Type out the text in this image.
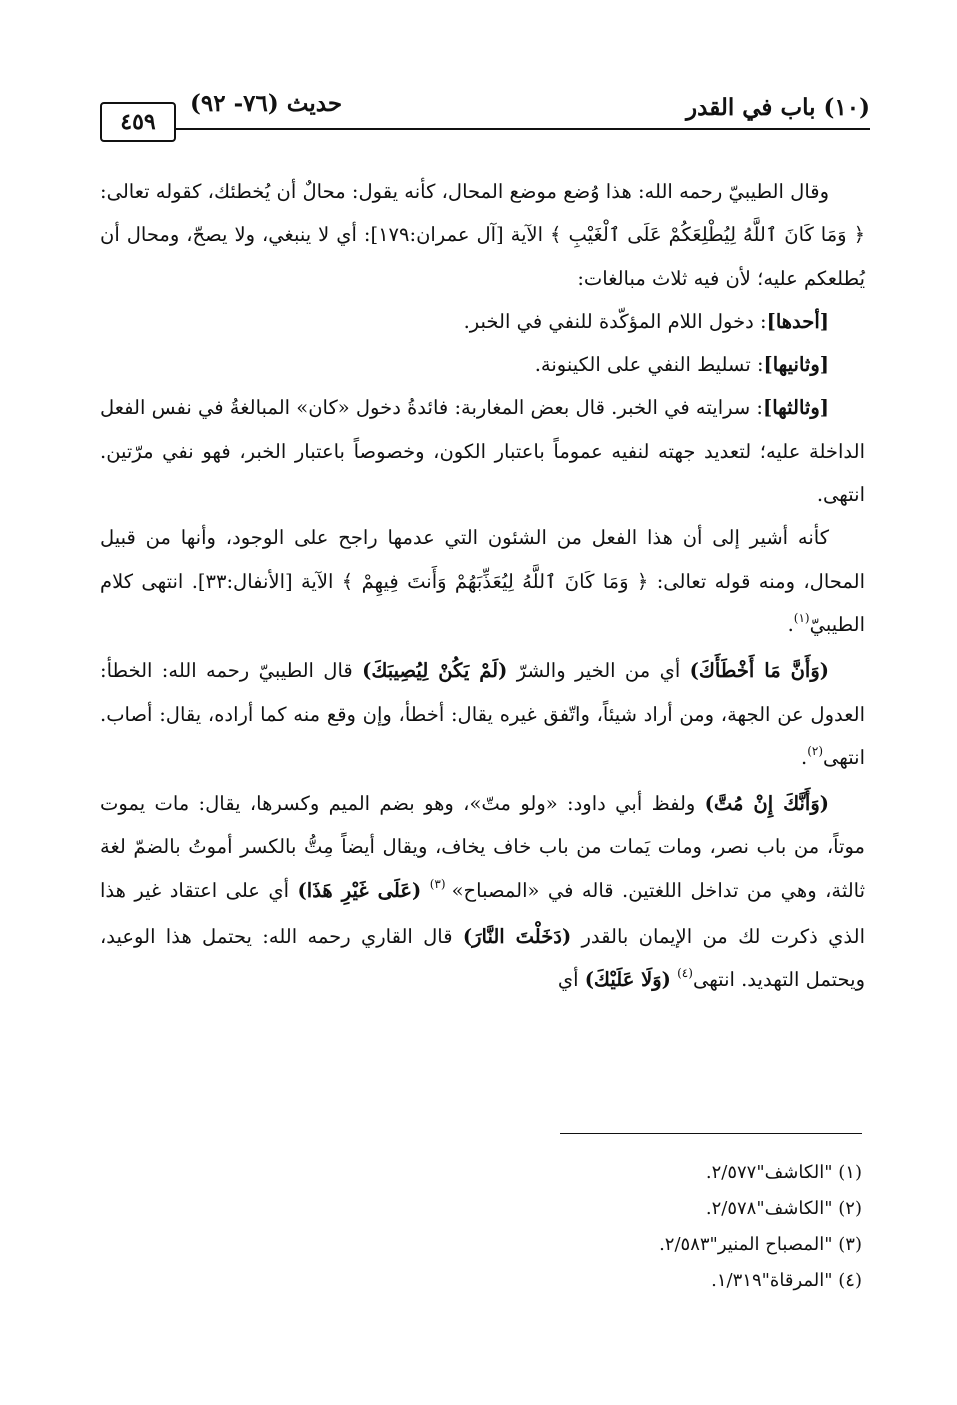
٤٥٩
حديث (٧٦- ٩٢)	(١٠) باب في القدر

وقال الطيبيّ رحمه الله: هذا وُضع موضع المحال، كأنه يقول: محالٌ أن يُخطئك، كقوله تعالى: ﴿ وَمَا كَانَ ٱللَّهُ لِيُطْلِعَكُمْ عَلَى ٱلْغَيْبِ ﴾ الآية [آل عمران:١٧٩]: أي لا ينبغي، ولا يصحّ، ومحال أن يُطلعكم عليه؛ لأن فيه ثلاث مبالغات:

[أحدها]: دخول اللام المؤكّدة للنفي في الخبر.

[وثانيها]: تسليط النفي على الكينونة.

[وثالثها]: سرايته في الخبر. قال بعض المغاربة: فائدةُ دخول «كان» المبالغةُ في نفس الفعل الداخلة عليه؛ لتعديد جهته لنفيه عموماً باعتبار الكون، وخصوصاً باعتبار الخبر، فهو نفي مرّتين. انتهى.

كأنه أشير إلى أن هذا الفعل من الشئون التي عدمها راجح على الوجود، وأنها من قبيل المحال، ومنه قوله تعالى: ﴿ وَمَا كَانَ ٱللَّهُ لِيُعَذِّبَهُمْ وَأَنتَ فِيهِمْ ﴾ الآية [الأنفال:٣٣]. انتهى كلام الطيبيّ$^{(١)}$.

(وَأَنَّ مَا أَخْطَأَكَ) أي من الخير والشرّ (لَمْ يَكُنْ لِيُصِيبَكَ) قال الطيبيّ رحمه الله: الخطأ: العدول عن الجهة، ومن أراد شيئاً، واتّفق غيره يقال: أخطأ، وإن وقع منه كما أراده، يقال: أصاب. انتهى$^{(٢)}$.

(وَأَنَّكَ إِنْ مُتَّ) ولفظ أبي داود: «ولو متّ»، وهو بضم الميم وكسرها، يقال: مات يموت موتاً، من باب نصر، ومات يَمات من باب خاف يخاف، ويقال أيضاً مِتُّ بالكسر أموتُ بالضمّ لغة ثالثة، وهي من تداخل اللغتين. قاله في «المصباح» $^{(٣)}$ (عَلَى غَيْرِ هَذَا) أي على اعتقاد غير هذا الذي ذكرت لك من الإيمان بالقدر (دَخَلْتَ النَّارَ) قال القاري رحمه الله: يحتمل هذا الوعيد، ويحتمل التهديد. انتهى$^{(٤)}$ (وَلَا عَلَيْكَ) أي

(١) "الكاشف"٢/٥٧٧.
(٢) "الكاشف"٢/٥٧٨.
(٣) "المصباح المنير"٢/٥٨٣.
(٤) "المرقاة"١/٣١٩.
